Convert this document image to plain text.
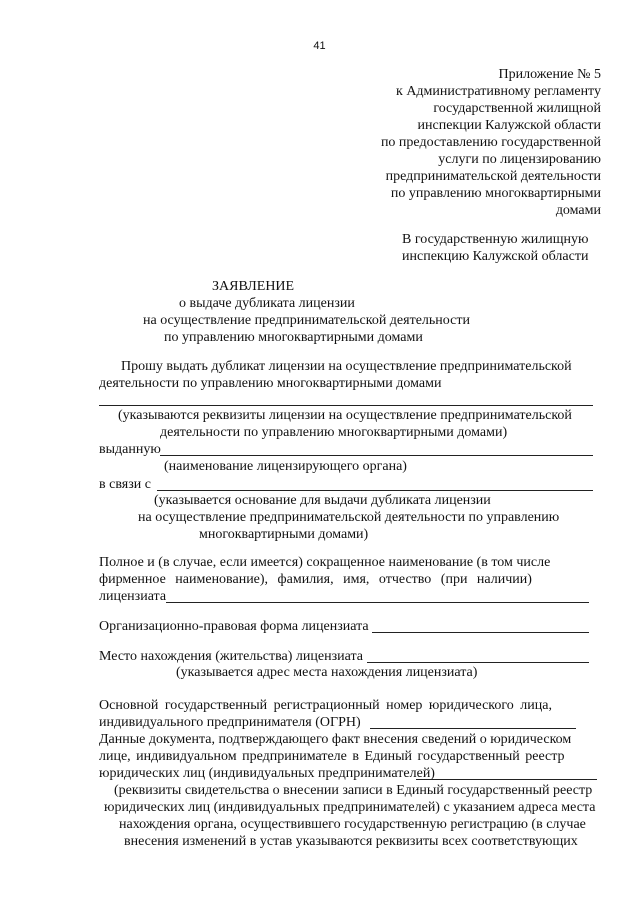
41
Приложение № 5
к Административному регламенту
государственной жилищной
инспекции Калужской области
по предоставлению государственной
услуги по лицензированию
предпринимательской деятельности
по управлению многоквартирными
домами
В государственную жилищную
инспекцию Калужской области
ЗАЯВЛЕНИЕ
о выдаче дубликата лицензии
на осуществление предпринимательской деятельности
по управлению многоквартирными домами
Прошу выдать дубликат лицензии на осуществление предпринимательской
деятельности по управлению многоквартирными домами
(указываются реквизиты лицензии на осуществление предпринимательской
деятельности по управлению многоквартирными домами)
выданную
(наименование лицензирующего органа)
в связи с
(указывается основание для выдачи дубликата лицензии
на осуществление предпринимательской деятельности по управлению
многоквартирными домами)
Полное и (в случае, если имеется) сокращенное наименование (в том числе
фирменное наименование), фамилия, имя, отчество (при наличии)
лицензиата
Организационно-правовая форма лицензиата
Место нахождения (жительства) лицензиата
(указывается адрес места нахождения лицензиата)
Основной государственный регистрационный номер юридического лица,
индивидуального предпринимателя (ОГРН)
Данные документа, подтверждающего факт внесения сведений о юридическом
лице, индивидуальном предпринимателе в Единый государственный реестр
юридических лиц (индивидуальных предпринимателей)
(реквизиты свидетельства о внесении записи в Единый государственный реестр
юридических лиц (индивидуальных предпринимателей) с указанием адреса места
нахождения органа, осуществившего государственную регистрацию (в случае
внесения изменений в устав указываются реквизиты всех соответствующих
